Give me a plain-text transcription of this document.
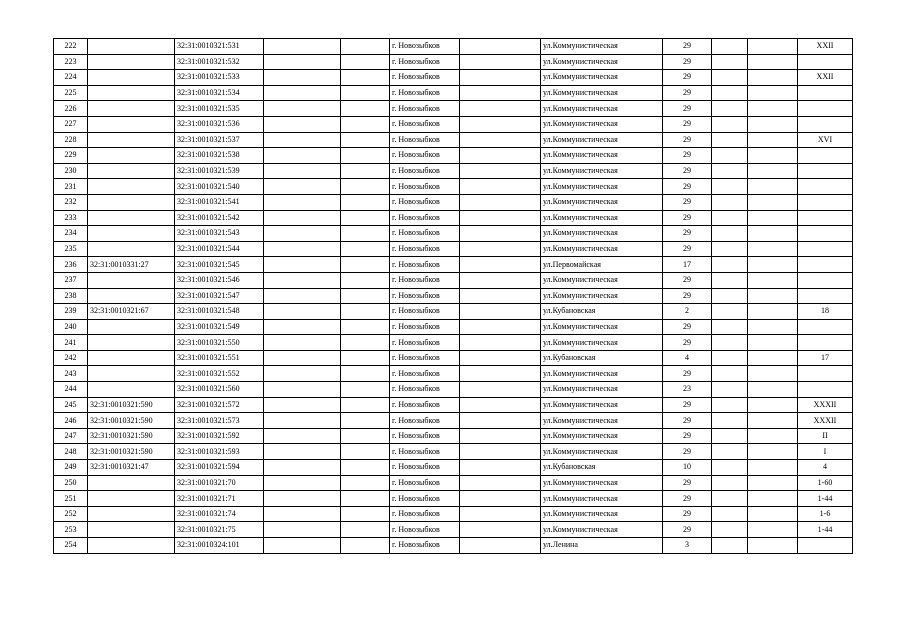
222		32:31:0010321:531			г. Новозыбков		ул.Коммунистическая	29			XXII
223		32:31:0010321:532			г. Новозыбков		ул.Коммунистическая	29			
224		32:31:0010321:533			г. Новозыбков		ул.Коммунистическая	29			XXII
225		32:31:0010321:534			г. Новозыбков		ул.Коммунистическая	29			
226		32:31:0010321:535			г. Новозыбков		ул.Коммунистическая	29			
227		32:31:0010321:536			г. Новозыбков		ул.Коммунистическая	29			
228		32:31:0010321:537			г. Новозыбков		ул.Коммунистическая	29			XVI
229		32:31:0010321:538			г. Новозыбков		ул.Коммунистическая	29			
230		32:31:0010321:539			г. Новозыбков		ул.Коммунистическая	29			
231		32:31:0010321:540			г. Новозыбков		ул.Коммунистическая	29			
232		32:31:0010321:541			г. Новозыбков		ул.Коммунистическая	29			
233		32:31:0010321:542			г. Новозыбков		ул.Коммунистическая	29			
234		32:31:0010321:543			г. Новозыбков		ул.Коммунистическая	29			
235		32:31:0010321:544			г. Новозыбков		ул.Коммунистическая	29			
236	32:31:0010331:27	32:31:0010321:545			г. Новозыбков		ул.Первомайская	17			
237		32:31:0010321:546			г. Новозыбков		ул.Коммунистическая	29			
238		32:31:0010321:547			г. Новозыбков		ул.Коммунистическая	29			
239	32:31:0010321:67	32:31:0010321:548			г. Новозыбков		ул.Кубановская	2			18
240		32:31:0010321:549			г. Новозыбков		ул.Коммунистическая	29			
241		32:31:0010321:550			г. Новозыбков		ул.Коммунистическая	29			
242		32:31:0010321:551			г. Новозыбков		ул.Кубановская	4			17
243		32:31:0010321:552			г. Новозыбков		ул.Коммунистическая	29			
244		32:31:0010321:560			г. Новозыбков		ул.Коммунистическая	23			
245	32:31:0010321:590	32:31:0010321:572			г. Новозыбков		ул.Коммунистическая	29			XXXII
246	32:31:0010321:590	32:31:0010321:573			г. Новозыбков		ул.Коммунистическая	29			XXXII
247	32:31:0010321:590	32:31:0010321:592			г. Новозыбков		ул.Коммунистическая	29			II
248	32:31:0010321:590	32:31:0010321:593			г. Новозыбков		ул.Коммунистическая	29			I
249	32:31:0010321:47	32:31:0010321:594			г. Новозыбков		ул.Кубановская	10			4
250		32:31:0010321:70			г. Новозыбков		ул.Коммунистическая	29			1-60
251		32:31:0010321:71			г. Новозыбков		ул.Коммунистическая	29			1-44
252		32:31:0010321:74			г. Новозыбков		ул.Коммунистическая	29			1-6
253		32:31:0010321:75			г. Новозыбков		ул.Коммунистическая	29			1-44
254		32:31:0010324:101			г. Новозыбков		ул.Ленина	3			
